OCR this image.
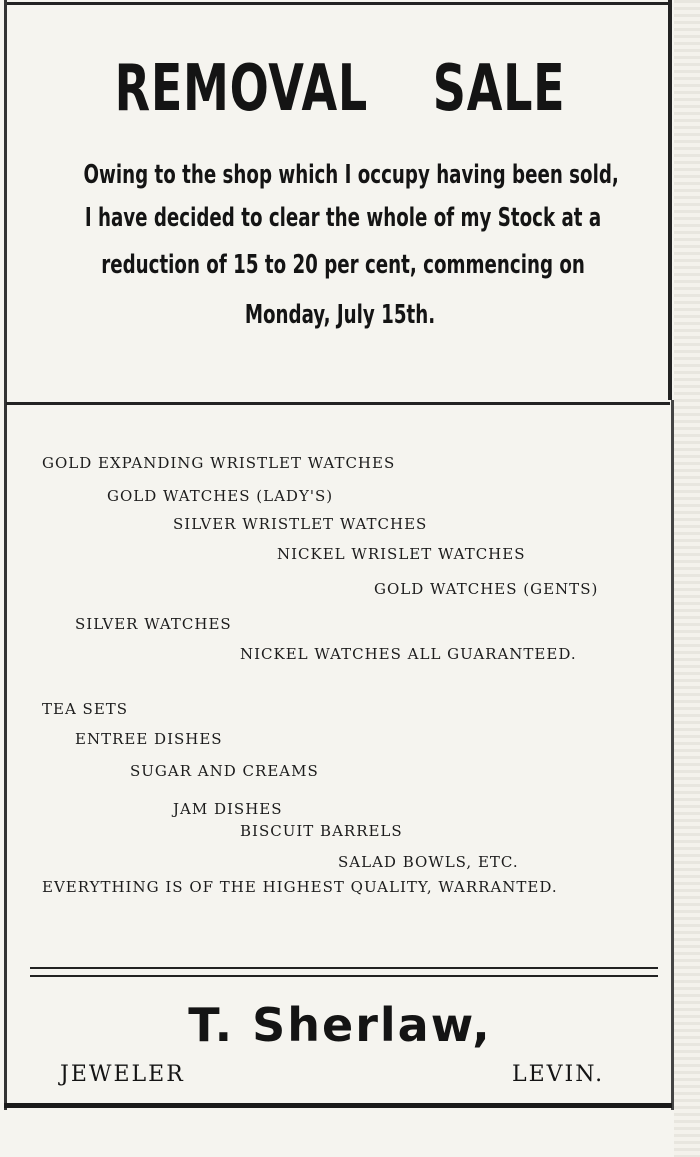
REMOVAL SALE
Owing to the shop which I occupy having been sold,
I have decided to clear the whole of my Stock at a
reduction of 15 to 20 per cent, commencing on
Monday, July 15th.
GOLD EXPANDING WRISTLET WATCHES
GOLD WATCHES (LADY'S)
SILVER WRISTLET WATCHES
NICKEL WRISLET WATCHES
GOLD WATCHES (GENTS)
SILVER WATCHES
NICKEL WATCHES ALL GUARANTEED.
TEA SETS
ENTREE DISHES
SUGAR AND CREAMS
JAM DISHES
BISCUIT BARRELS
SALAD BOWLS, ETC.
EVERYTHING IS OF THE HIGHEST QUALITY, WARRANTED.
T. Sherlaw,
JEWELER	LEVIN.
